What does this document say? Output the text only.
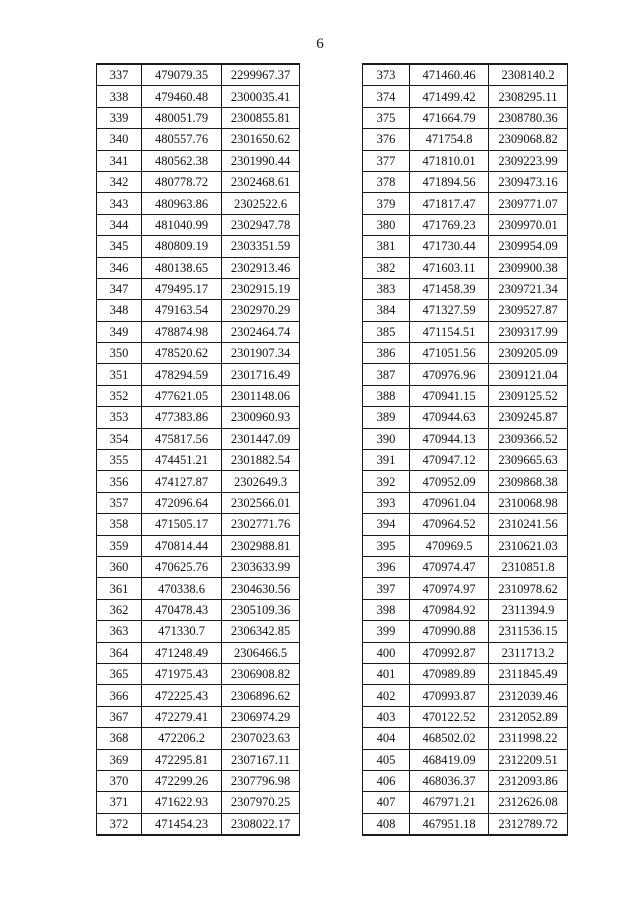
6
337	479079.35	2299967.37
338	479460.48	2300035.41
339	480051.79	2300855.81
340	480557.76	2301650.62
341	480562.38	2301990.44
342	480778.72	2302468.61
343	480963.86	2302522.6
344	481040.99	2302947.78
345	480809.19	2303351.59
346	480138.65	2302913.46
347	479495.17	2302915.19
348	479163.54	2302970.29
349	478874.98	2302464.74
350	478520.62	2301907.34
351	478294.59	2301716.49
352	477621.05	2301148.06
353	477383.86	2300960.93
354	475817.56	2301447.09
355	474451.21	2301882.54
356	474127.87	2302649.3
357	472096.64	2302566.01
358	471505.17	2302771.76
359	470814.44	2302988.81
360	470625.76	2303633.99
361	470338.6	2304630.56
362	470478.43	2305109.36
363	471330.7	2306342.85
364	471248.49	2306466.5
365	471975.43	2306908.82
366	472225.43	2306896.62
367	472279.41	2306974.29
368	472206.2	2307023.63
369	472295.81	2307167.11
370	472299.26	2307796.98
371	471622.93	2307970.25
372	471454.23	2308022.17
373	471460.46	2308140.2
374	471499.42	2308295.11
375	471664.79	2308780.36
376	471754.8	2309068.82
377	471810.01	2309223.99
378	471894.56	2309473.16
379	471817.47	2309771.07
380	471769.23	2309970.01
381	471730.44	2309954.09
382	471603.11	2309900.38
383	471458.39	2309721.34
384	471327.59	2309527.87
385	471154.51	2309317.99
386	471051.56	2309205.09
387	470976.96	2309121.04
388	470941.15	2309125.52
389	470944.63	2309245.87
390	470944.13	2309366.52
391	470947.12	2309665.63
392	470952.09	2309868.38
393	470961.04	2310068.98
394	470964.52	2310241.56
395	470969.5	2310621.03
396	470974.47	2310851.8
397	470974.97	2310978.62
398	470984.92	2311394.9
399	470990.88	2311536.15
400	470992.87	2311713.2
401	470989.89	2311845.49
402	470993.87	2312039.46
403	470122.52	2312052.89
404	468502.02	2311998.22
405	468419.09	2312209.51
406	468036.37	2312093.86
407	467971.21	2312626.08
408	467951.18	2312789.72
